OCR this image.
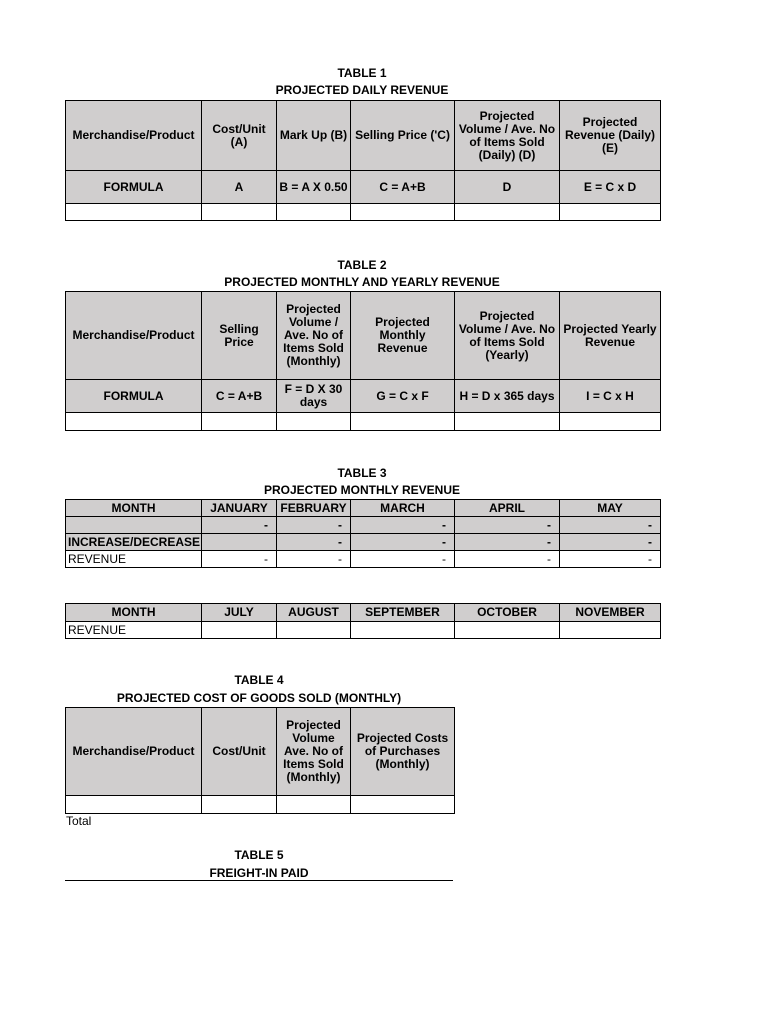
TABLE 1
PROJECTED DAILY REVENUE
Merchandise/Product	Cost/Unit (A)	Mark Up (B)	Selling Price ('C)	Projected Volume / Ave. No of Items Sold (Daily) (D)	Projected Revenue (Daily) (E)
FORMULA	A	B = A X 0.50	C = A+B	D	E = C x D

TABLE 2
PROJECTED MONTHLY AND YEARLY REVENUE
Merchandise/Product	Selling Price	Projected Volume / Ave. No of Items Sold (Monthly)	Projected Monthly Revenue	Projected Volume / Ave. No of Items Sold (Yearly)	Projected Yearly Revenue
FORMULA	C = A+B	F = D X 30 days	G = C x F	H = D x 365 days	I = C x H

TABLE 3
PROJECTED MONTHLY REVENUE
MONTH	JANUARY	FEBRUARY	MARCH	APRIL	MAY
	-	-	-	-	-
INCREASE/DECREASE		-	-	-	-
REVENUE	-	-	-	-	-
MONTH	JULY	AUGUST	SEPTEMBER	OCTOBER	NOVEMBER
REVENUE					
TABLE 4
PROJECTED COST OF GOODS SOLD (MONTHLY)
Merchandise/Product	Cost/Unit	Projected Volume Ave. No of Items Sold (Monthly)	Projected Costs of Purchases (Monthly)

Total
TABLE 5
FREIGHT-IN PAID
